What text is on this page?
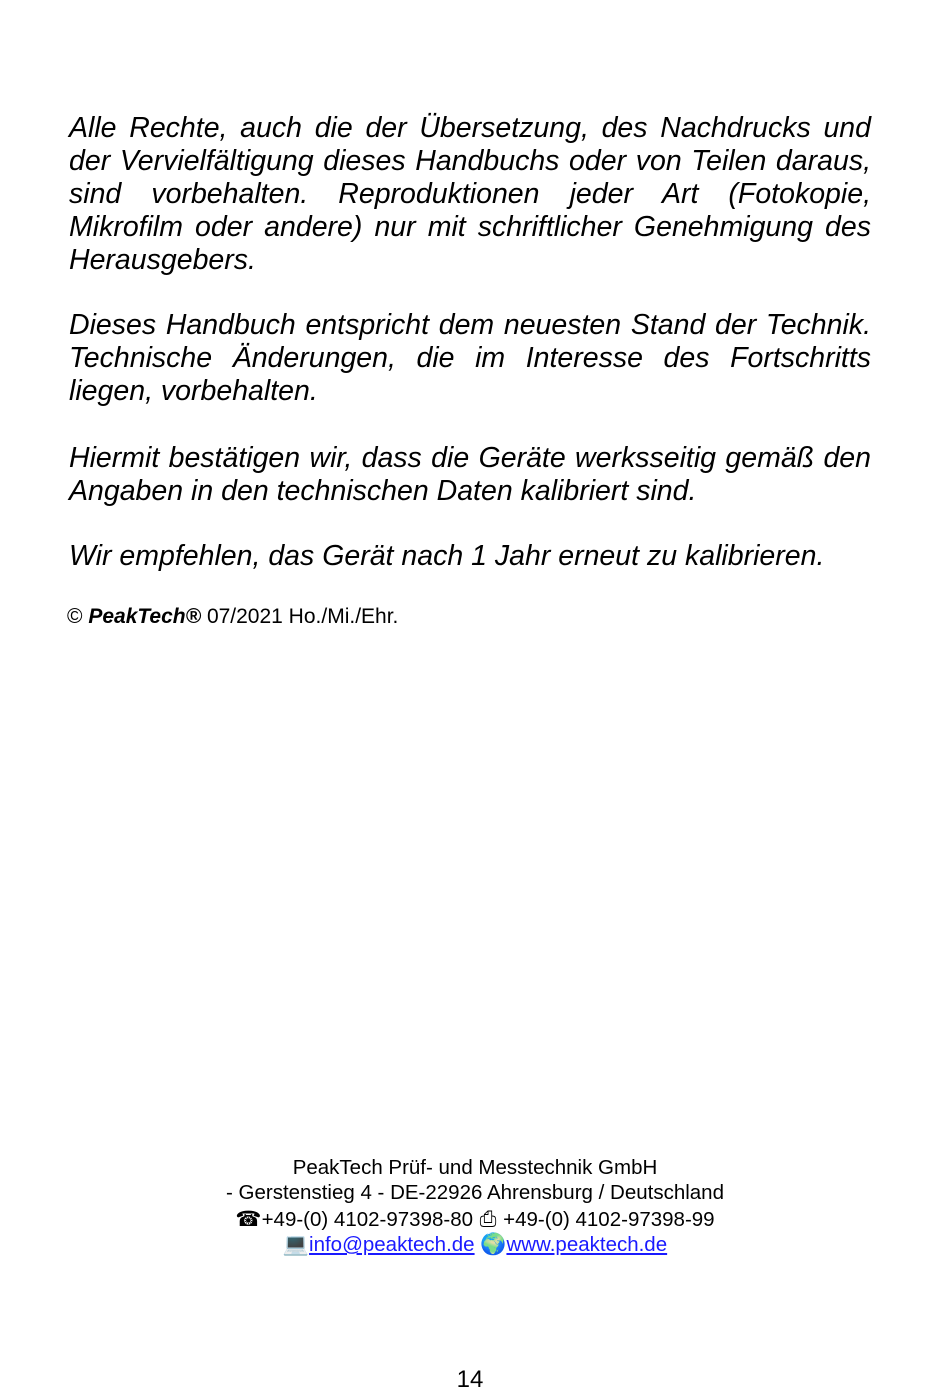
Alle Rechte, auch die der Übersetzung, des Nachdrucks und der Vervielfältigung dieses Handbuchs oder von Teilen daraus, sind vorbehalten. Reproduktionen jeder Art (Fotokopie, Mikrofilm oder andere) nur mit schriftlicher Genehmigung des Herausgebers.

Dieses Handbuch entspricht dem neuesten Stand der Technik. Technische Änderungen, die im Interesse des Fortschritts liegen, vorbehalten.

Hiermit bestätigen wir, dass die Geräte werksseitig gemäß den Angaben in den technischen Daten kalibriert sind.

Wir empfehlen, das Gerät nach 1 Jahr erneut zu kalibrieren.

© PeakTech® 07/2021 Ho./Mi./Ehr.

PeakTech Prüf- und Messtechnik GmbH
- Gerstenstieg 4 - DE-22926 Ahrensburg / Deutschland
☎+49-(0) 4102-97398-80 ⎙ +49-(0) 4102-97398-99
💻info@peaktech.de 🌍www.peaktech.de
14
